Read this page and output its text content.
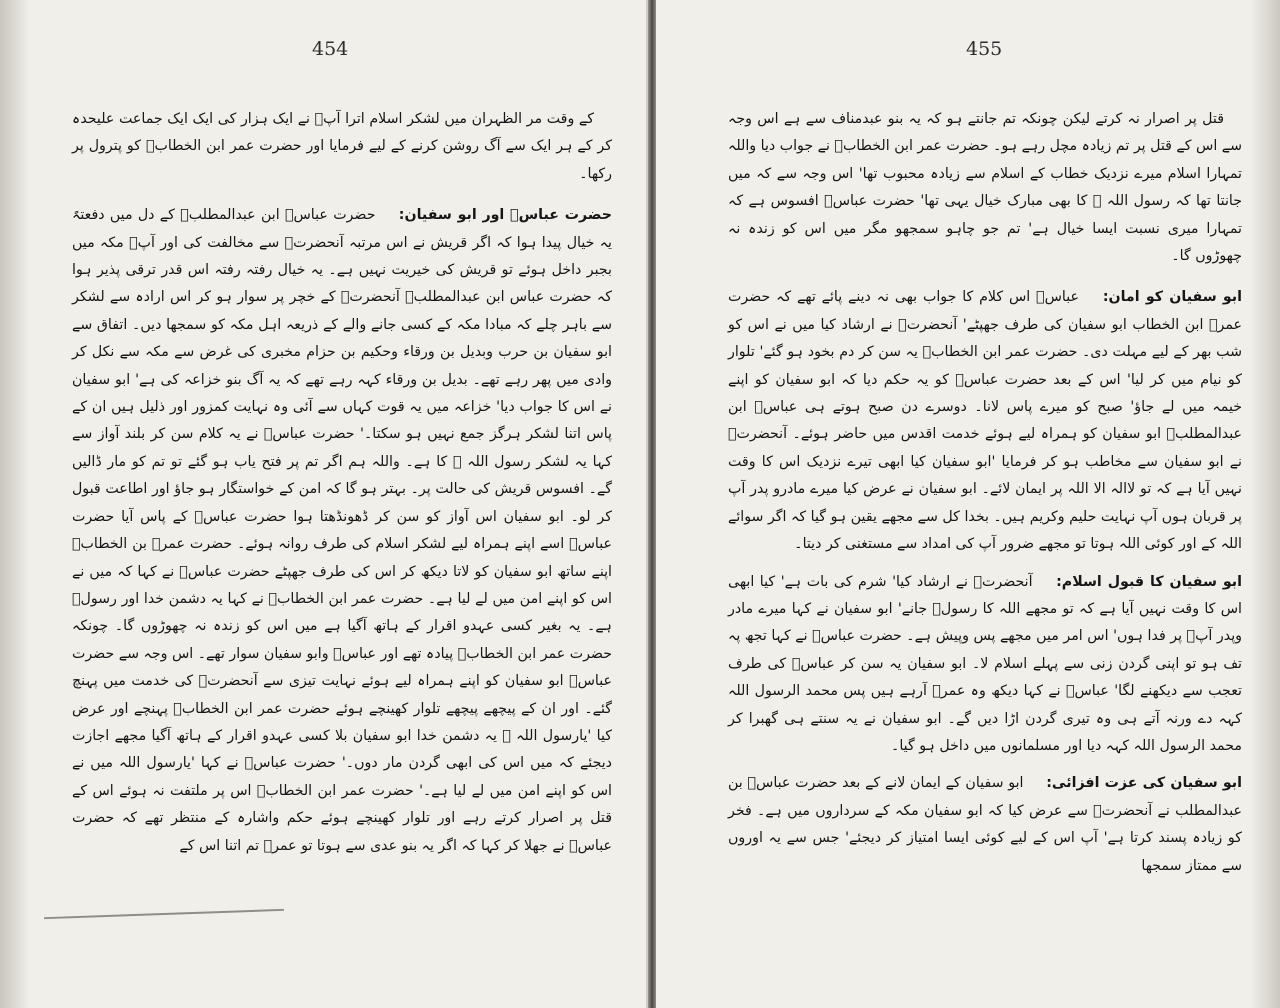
454

کے وقت مر الظہران میں لشکر اسلام اترا آپؐ نے ایک ہزار کی ایک ایک جماعت علیحدہ کر کے ہر ایک سے آگ روشن کرنے کے لیے فرمایا اور حضرت عمر ابن الخطابؓ کو پترول پر رکھا۔

حضرت عباسؓ اور ابو سفیان: حضرت عباسؓ ابن عبدالمطلبؓ کے دل میں دفعتہً یہ خیال پیدا ہوا کہ اگر قریش نے اس مرتبہ آنحضرتؐ سے مخالفت کی اور آپؐ مکہ میں بجبر داخل ہوئے تو قریش کی خیریت نہیں ہے۔ یہ خیال رفتہ رفتہ اس قدر ترقی پذیر ہوا کہ حضرت عباس ابن عبدالمطلبؓ آنحضرتؐ کے خچر پر سوار ہو کر اس ارادہ سے لشکر سے باہر چلے کہ مبادا مکہ کے کسی جانے والے کے ذریعہ اہل مکہ کو سمجھا دیں۔ اتفاق سے ابو سفیان بن حرب وبدیل بن ورقاء وحکیم بن حزام مخبری کی غرض سے مکہ سے نکل کر وادی میں پھر رہے تھے۔ بدیل بن ورقاء کہہ رہے تھے کہ یہ آگ بنو خزاعہ کی ہے' ابو سفیان نے اس کا جواب دیا' خزاعہ میں یہ قوت کہاں سے آئی وہ نہایت کمزور اور ذلیل ہیں ان کے پاس اتنا لشکر ہرگز جمع نہیں ہو سکتا۔' حضرت عباسؓ نے یہ کلام سن کر بلند آواز سے کہا یہ لشکر رسول اللہ ﷺ کا ہے۔ واللہ ہم اگر تم پر فتح یاب ہو گئے تو تم کو مار ڈالیں گے۔ افسوس قریش کی حالت پر۔ بہتر ہو گا کہ امن کے خواستگار ہو جاؤ اور اطاعت قبول کر لو۔ ابو سفیان اس آواز کو سن کر ڈھونڈھتا ہوا حضرت عباسؓ کے پاس آیا حضرت عباسؓ اسے اپنے ہمراہ لیے لشکر اسلام کی طرف روانہ ہوئے۔ حضرت عمرؓ بن الخطابؓ اپنے ساتھ ابو سفیان کو لاتا دیکھ کر اس کی طرف جھپٹے حضرت عباسؓ نے کہا کہ میں نے اس کو اپنے امن میں لے لیا ہے۔ حضرت عمر ابن الخطابؓ نے کہا یہ دشمن خدا اور رسولؐ ہے۔ یہ بغیر کسی عہدو اقرار کے ہاتھ آگیا ہے میں اس کو زندہ نہ چھوڑوں گا۔ چونکہ حضرت عمر ابن الخطابؓ پیادہ تھے اور عباسؓ وابو سفیان سوار تھے۔ اس وجہ سے حضرت عباسؓ ابو سفیان کو اپنے ہمراہ لیے ہوئے نہایت تیزی سے آنحضرتؐ کی خدمت میں پہنچ گئے۔ اور ان کے پیچھے پیچھے تلوار کھینچے ہوئے حضرت عمر ابن الخطابؓ پہنچے اور عرض کیا 'یارسول اللہ ﷺ یہ دشمن خدا ابو سفیان بلا کسی عہدو اقرار کے ہاتھ آگیا مجھے اجازت دیجئے کہ میں اس کی ابھی گردن مار دوں۔' حضرت عباسؓ نے کہا 'یارسول اللہ میں نے اس کو اپنے امن میں لے لیا ہے۔' حضرت عمر ابن الخطابؓ اس پر ملتفت نہ ہوئے اس کے قتل پر اصرار کرتے رہے اور تلوار کھینچے ہوئے حکم واشارہ کے منتظر تھے کہ حضرت عباسؓ نے جھلا کر کہا کہ اگر یہ بنو عدی سے ہوتا تو عمرؓ تم اتنا اس کے

455

قتل پر اصرار نہ کرتے لیکن چونکہ تم جانتے ہو کہ یہ بنو عبدمناف سے ہے اس وجہ سے اس کے قتل پر تم زیادہ مچل رہے ہو۔ حضرت عمر ابن الخطابؓ نے جواب دیا واللہ تمہارا اسلام میرے نزدیک خطاب کے اسلام سے زیادہ محبوب تھا' اس وجہ سے کہ میں جانتا تھا کہ رسول اللہ ﷺ کا بھی مبارک خیال یہی تھا' حضرت عباسؓ افسوس ہے کہ تمہارا میری نسبت ایسا خیال ہے' تم جو چاہو سمجھو مگر میں اس کو زندہ نہ چھوڑوں گا۔

ابو سفیان کو امان: عباسؓ اس کلام کا جواب بھی نہ دینے پائے تھے کہ حضرت عمرؓ ابن الخطاب ابو سفیان کی طرف جھپٹے' آنحضرتؐ نے ارشاد کیا میں نے اس کو شب بھر کے لیے مہلت دی۔ حضرت عمر ابن الخطابؓ یہ سن کر دم بخود ہو گئے' تلوار کو نیام میں کر لیا' اس کے بعد حضرت عباسؓ کو یہ حکم دیا کہ ابو سفیان کو اپنے خیمہ میں لے جاؤ' صبح کو میرے پاس لانا۔ دوسرے دن صبح ہوتے ہی عباسؓ ابن عبدالمطلبؓ ابو سفیان کو ہمراہ لیے ہوئے خدمت اقدس میں حاضر ہوئے۔ آنحضرتؐ نے ابو سفیان سے مخاطب ہو کر فرمایا 'ابو سفیان کیا ابھی تیرے نزدیک اس کا وقت نہیں آیا ہے کہ تو لاالہ الا اللہ پر ایمان لائے۔ ابو سفیان نے عرض کیا میرے مادرو پدر آپ پر قربان ہوں آپ نہایت حلیم وکریم ہیں۔ بخدا کل سے مجھے یقین ہو گیا کہ اگر سوائے اللہ کے اور کوئی اللہ ہوتا تو مجھے ضرور آپ کی امداد سے مستغنی کر دیتا۔

ابو سفیان کا قبول اسلام: آنحضرتؐ نے ارشاد کیا' شرم کی بات ہے' کیا ابھی اس کا وقت نہیں آیا ہے کہ تو مجھے اللہ کا رسولؐ جانے' ابو سفیان نے کہا میرے مادر وپدر آپؐ پر فدا ہوں' اس امر میں مجھے پس وپیش ہے۔ حضرت عباسؓ نے کہا تجھ پہ تف ہو تو اپنی گردن زنی سے پہلے اسلام لا۔ ابو سفیان یہ سن کر عباسؓ کی طرف تعجب سے دیکھنے لگا' عباسؓ نے کہا دیکھ وہ عمرؓ آرہے ہیں پس محمد الرسول اللہ کہہ دے ورنہ آتے ہی وہ تیری گردن اڑا دیں گے۔ ابو سفیان نے یہ سنتے ہی گھبرا کر محمد الرسول اللہ کہہ دیا اور مسلمانوں میں داخل ہو گیا۔

ابو سفیان کی عزت افزائی: ابو سفیان کے ایمان لانے کے بعد حضرت عباسؓ بن عبدالمطلب نے آنحضرتؐ سے عرض کیا کہ ابو سفیان مکہ کے سرداروں میں ہے۔ فخر کو زیادہ پسند کرتا ہے' آپ اس کے لیے کوئی ایسا امتیاز کر دیجئے' جس سے یہ اوروں سے ممتاز سمجھا
